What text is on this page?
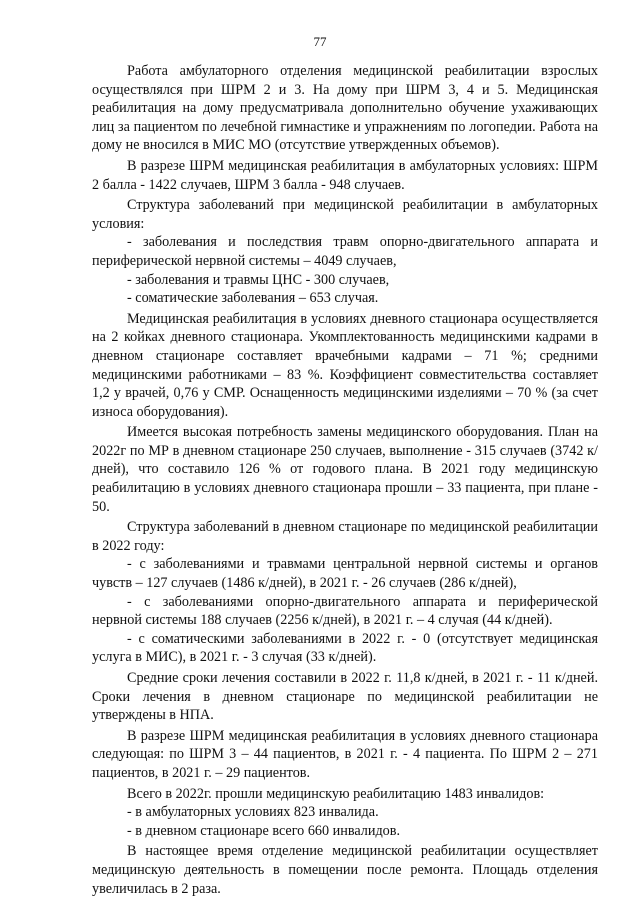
77

Работа амбулаторного отделения медицинской реабилитации взрослых осуществлялся при ШРМ 2 и 3. На дому при ШРМ 3, 4 и 5. Медицинская реабилитация на дому предусматривала дополнительно обучение ухаживающих лиц за пациентом по лечебной гимнастике и упражнениям по логопедии. Работа на дому не вносился в МИС МО (отсутствие утвержденных объемов).

В разрезе ШРМ медицинская реабилитация в амбулаторных условиях: ШРМ 2 балла - 1422 случаев, ШРМ 3 балла - 948 случаев.

Структура заболеваний при медицинской реабилитации в амбулаторных условия:

- заболевания и последствия травм опорно-двигательного аппарата и периферической нервной системы – 4049 случаев,

- заболевания и травмы ЦНС - 300 случаев,

- соматические заболевания – 653 случая.

Медицинская реабилитация в условиях дневного стационара осуществляется на 2 койках дневного стационара. Укомплектованность медицинскими кадрами в дневном стационаре составляет врачебными кадрами – 71 %; средними медицинскими работниками – 83 %. Коэффициент совместительства составляет 1,2 у врачей, 0,76 у СМР. Оснащенность медицинскими изделиями – 70 % (за счет износа оборудования).

Имеется высокая потребность замены медицинского оборудования. План на 2022г по МР в дневном стационаре 250 случаев, выполнение - 315 случаев (3742 к/дней), что составило 126 % от годового плана. В 2021 году медицинскую реабилитацию в условиях дневного стационара прошли – 33 пациента, при плане - 50.

Структура заболеваний в дневном стационаре по медицинской реабилитации в 2022 году:

- с заболеваниями и травмами центральной нервной системы и органов чувств – 127 случаев (1486 к/дней), в 2021 г. - 26 случаев (286 к/дней),

- с заболеваниями опорно-двигательного аппарата и периферической нервной системы 188 случаев (2256 к/дней), в 2021 г. – 4 случая (44 к/дней).

- с соматическими заболеваниями в 2022 г. - 0 (отсутствует медицинская услуга в МИС), в 2021 г. - 3 случая (33 к/дней).

Средние сроки лечения составили в 2022 г. 11,8 к/дней, в 2021 г. - 11 к/дней. Сроки лечения в дневном стационаре по медицинской реабилитации не утверждены в НПА.

В разрезе ШРМ медицинская реабилитация в условиях дневного стационара следующая: по ШРМ 3 – 44 пациентов, в 2021 г. - 4 пациента. По ШРМ 2 – 271 пациентов, в 2021 г. – 29 пациентов.

Всего в 2022г. прошли медицинскую реабилитацию 1483 инвалидов:

- в амбулаторных условиях 823 инвалида.

- в дневном стационаре всего 660 инвалидов.

В настоящее время отделение медицинской реабилитации осуществляет медицинскую деятельность в помещении после ремонта. Площадь отделения увеличилась в 2 раза.
